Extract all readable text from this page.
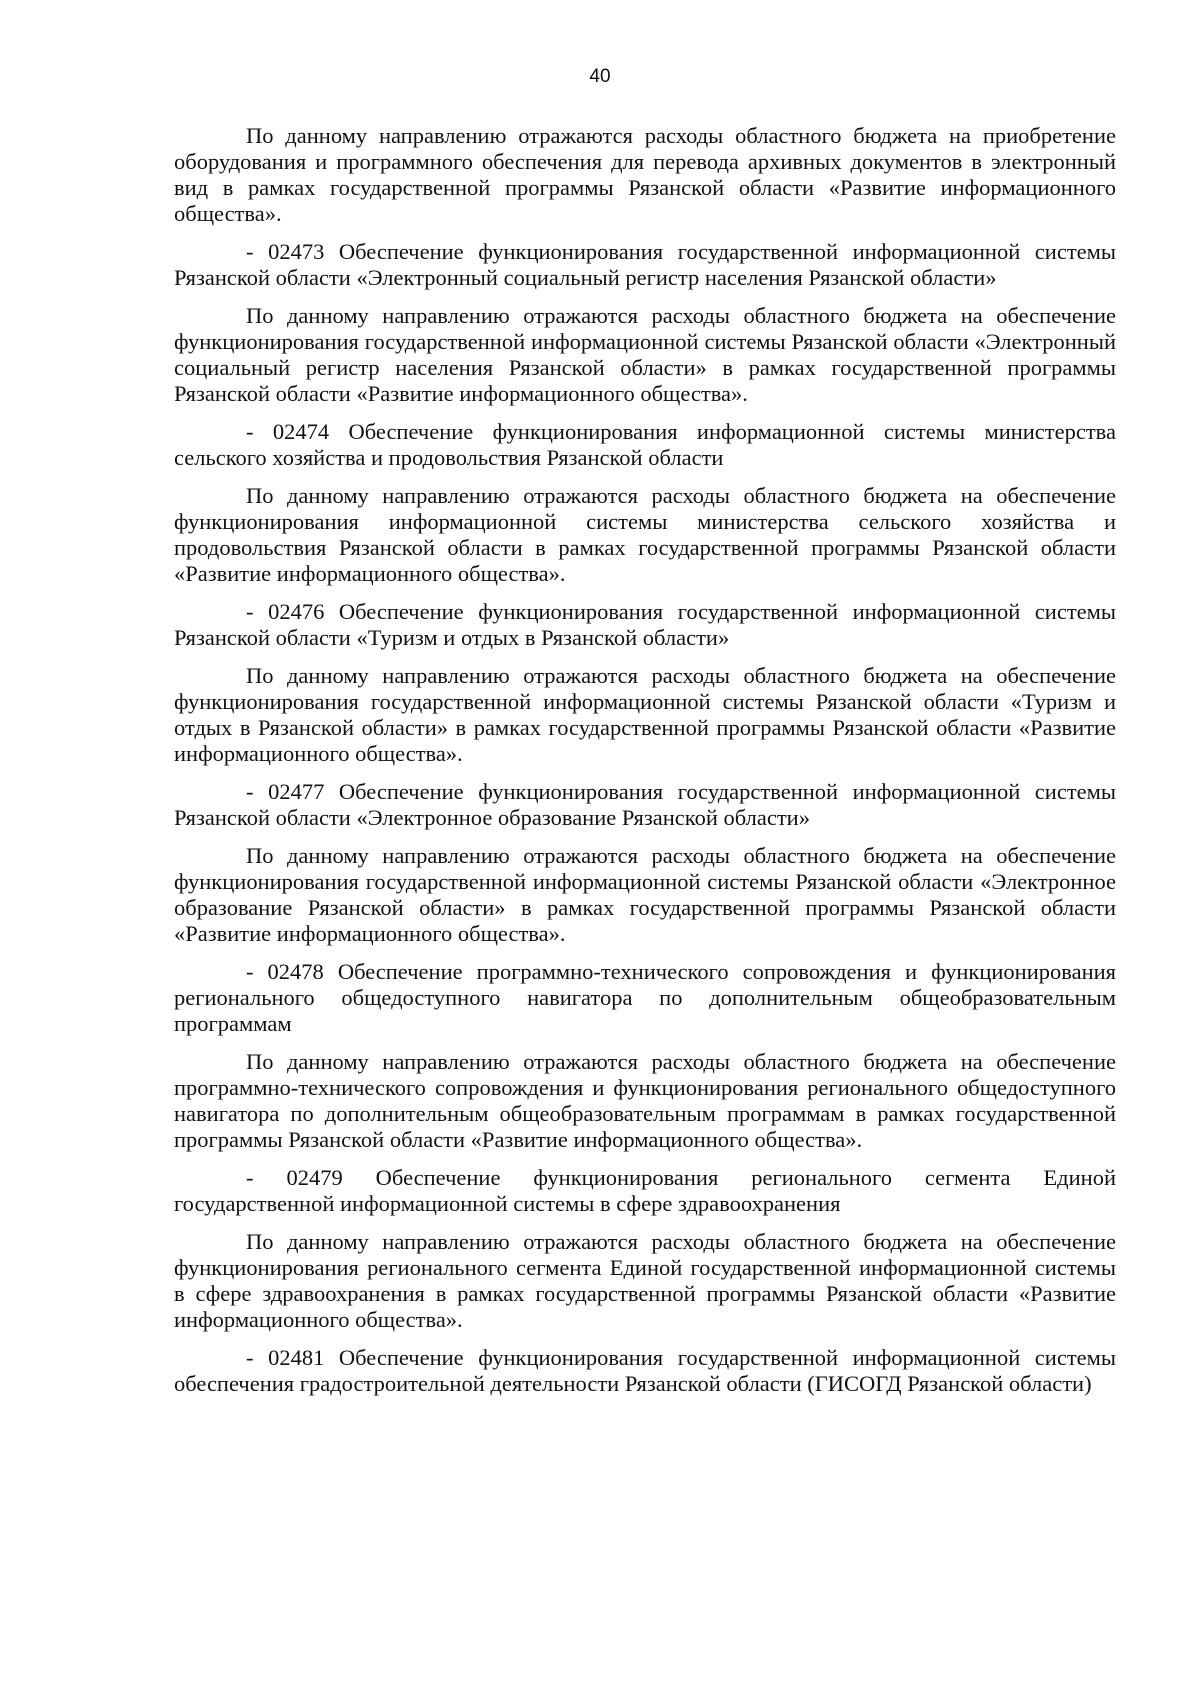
40

По данному направлению отражаются расходы областного бюджета на приобретение оборудования и программного обеспечения для перевода архивных документов в электронный вид в рамках государственной программы Рязанской области «Развитие информационного общества».

- 02473 Обеспечение функционирования государственной информационной системы Рязанской области «Электронный социальный регистр населения Рязанской области»

По данному направлению отражаются расходы областного бюджета на обеспечение функционирования государственной информационной системы Рязанской области «Электронный социальный регистр населения Рязанской области» в рамках государственной программы Рязанской области «Развитие информационного общества».

- 02474 Обеспечение функционирования информационной системы министерства сельского хозяйства и продовольствия Рязанской области

По данному направлению отражаются расходы областного бюджета на обеспечение функционирования информационной системы министерства сельского хозяйства и продовольствия Рязанской области в рамках государственной программы Рязанской области «Развитие информационного общества».

- 02476 Обеспечение функционирования государственной информационной системы Рязанской области «Туризм и отдых в Рязанской области»

По данному направлению отражаются расходы областного бюджета на обеспечение функционирования государственной информационной системы Рязанской области «Туризм и отдых в Рязанской области» в рамках государственной программы Рязанской области «Развитие информационного общества».

- 02477 Обеспечение функционирования государственной информационной системы Рязанской области «Электронное образование Рязанской области»

По данному направлению отражаются расходы областного бюджета на обеспечение функционирования государственной информационной системы Рязанской области «Электронное образование Рязанской области» в рамках государственной программы Рязанской области «Развитие информационного общества».

- 02478 Обеспечение программно-технического сопровождения и функционирования регионального общедоступного навигатора по дополнительным общеобразовательным программам

По данному направлению отражаются расходы областного бюджета на обеспечение программно-технического сопровождения и функционирования регионального общедоступного навигатора по дополнительным общеобразовательным программам в рамках государственной программы Рязанской области «Развитие информационного общества».

- 02479 Обеспечение функционирования регионального сегмента Единой государственной информационной системы в сфере здравоохранения

По данному направлению отражаются расходы областного бюджета на обеспечение функционирования регионального сегмента Единой государственной информационной системы в сфере здравоохранения в рамках государственной программы Рязанской области «Развитие информационного общества».

- 02481 Обеспечение функционирования государственной информационной системы обеспечения градостроительной деятельности Рязанской области (ГИСОГД Рязанской области)
